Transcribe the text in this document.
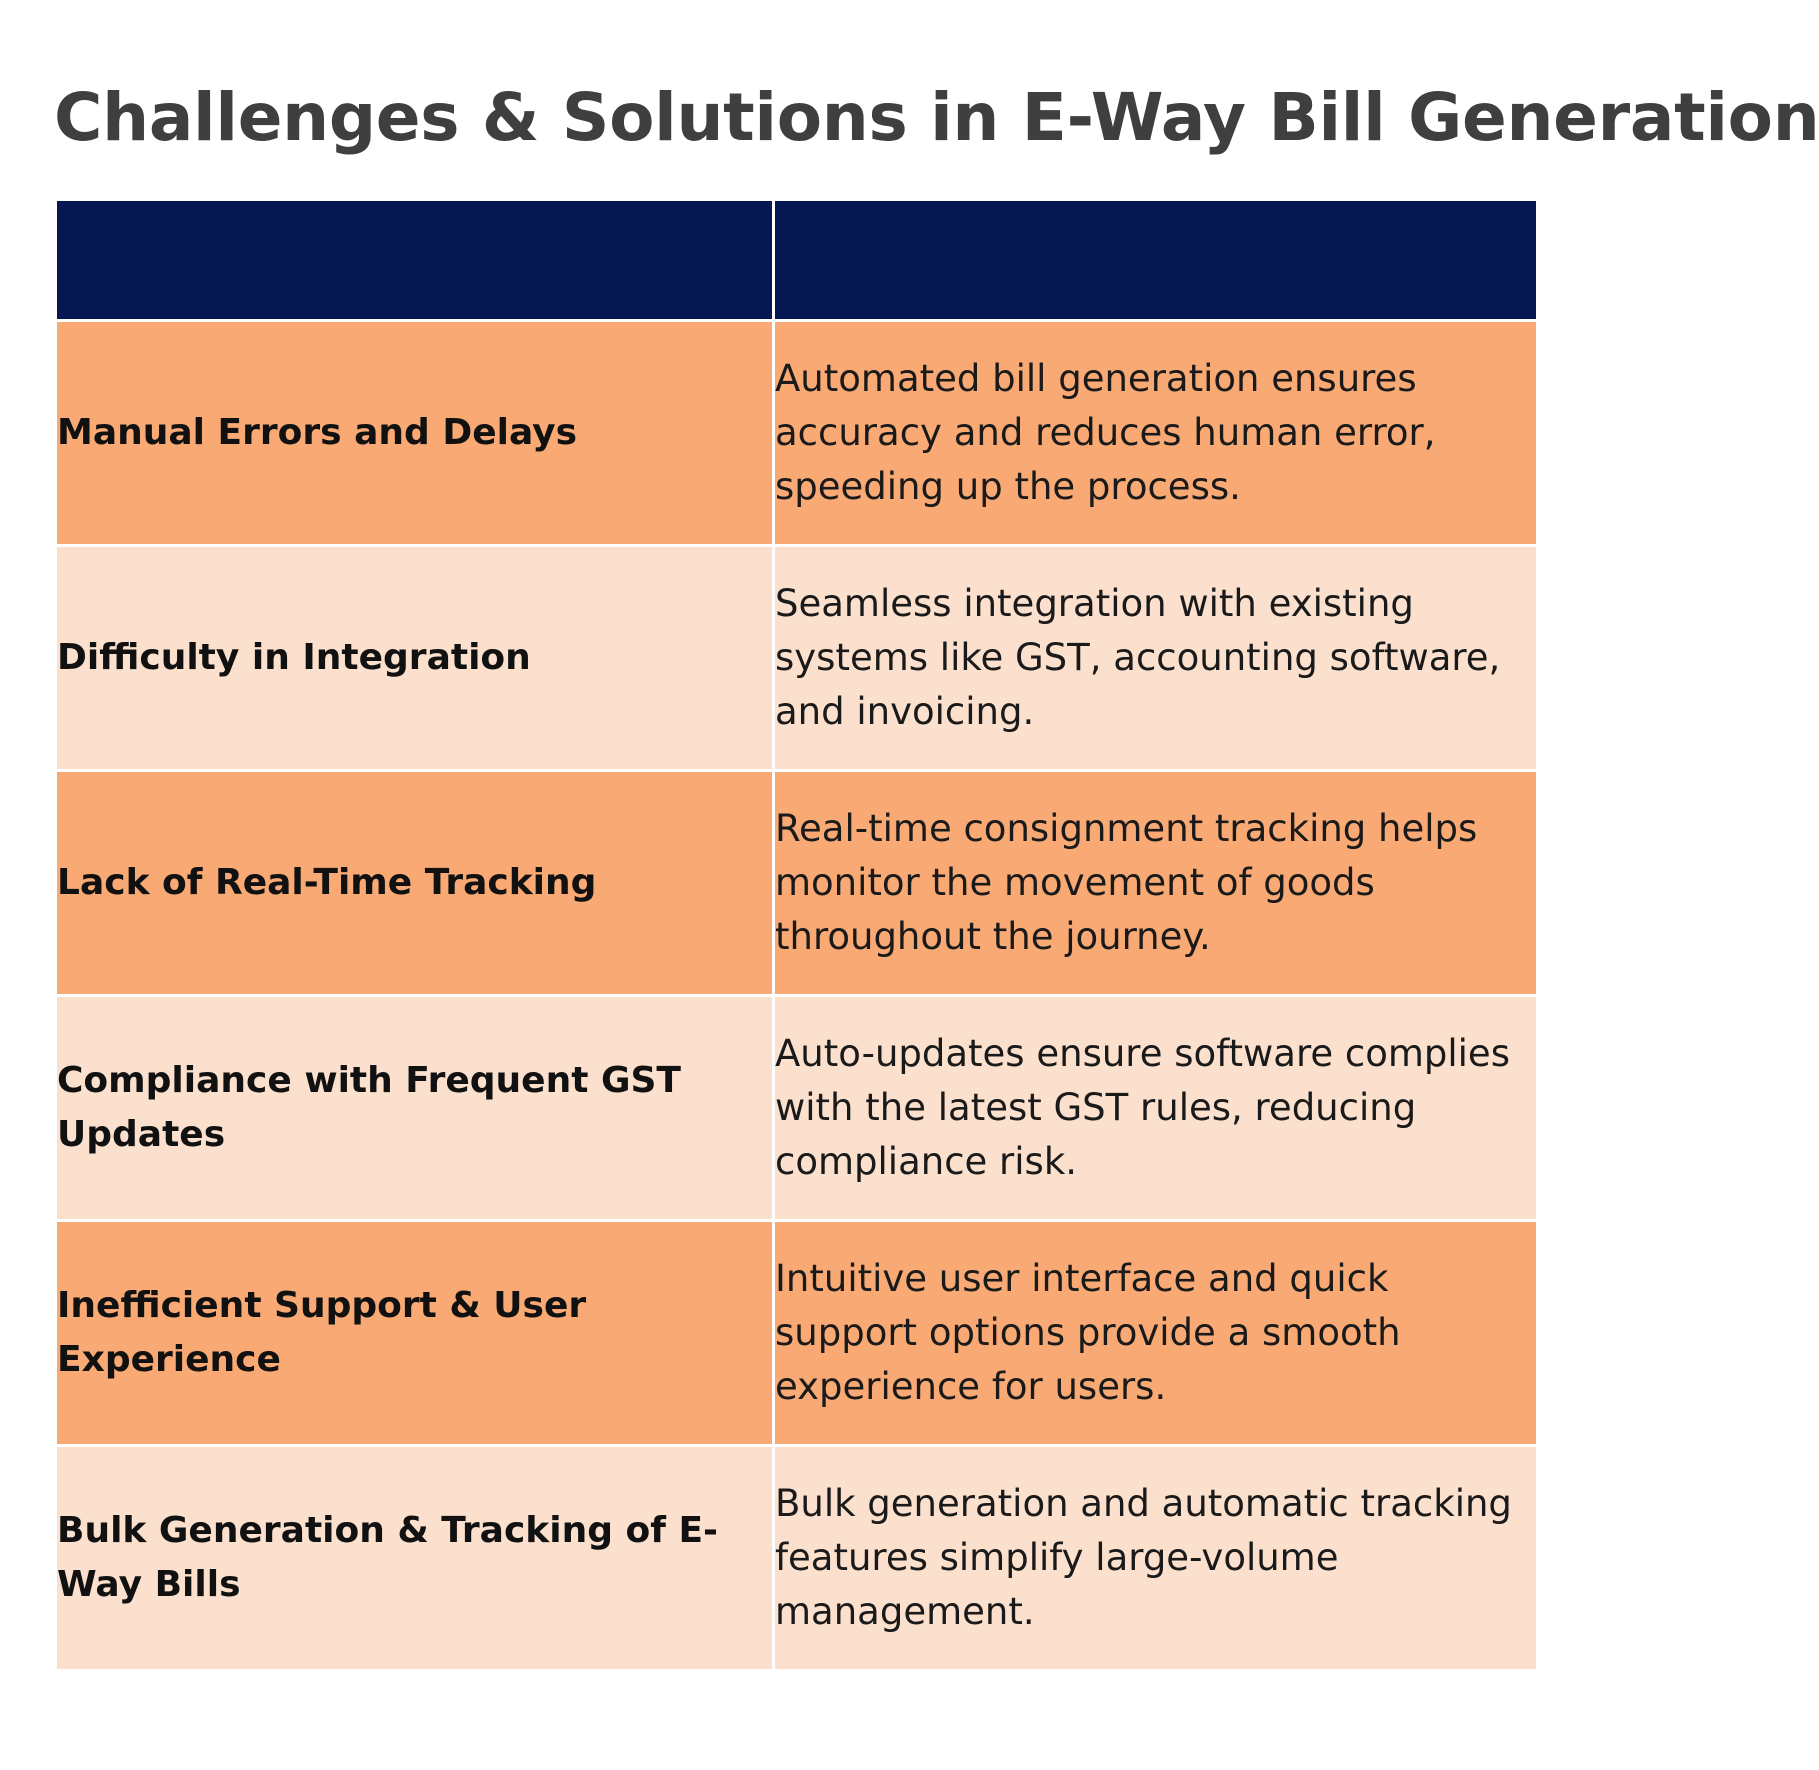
Challenges & Solutions in E-Way Bill Generation

Manual Errors and Delays	Automated bill generation ensures accuracy and reduces human error, speeding up the process.
Difficulty in Integration	Seamless integration with existing systems like GST, accounting software, and invoicing.
Lack of Real-Time Tracking	Real-time consignment tracking helps monitor the movement of goods throughout the journey.
Compliance with Frequent GST Updates	Auto-updates ensure software complies with the latest GST rules, reducing compliance risk.
Inefficient Support & User Experience	Intuitive user interface and quick support options provide a smooth experience for users.
Bulk Generation & Tracking of E-Way Bills	Bulk generation and automatic tracking features simplify large-volume management.
